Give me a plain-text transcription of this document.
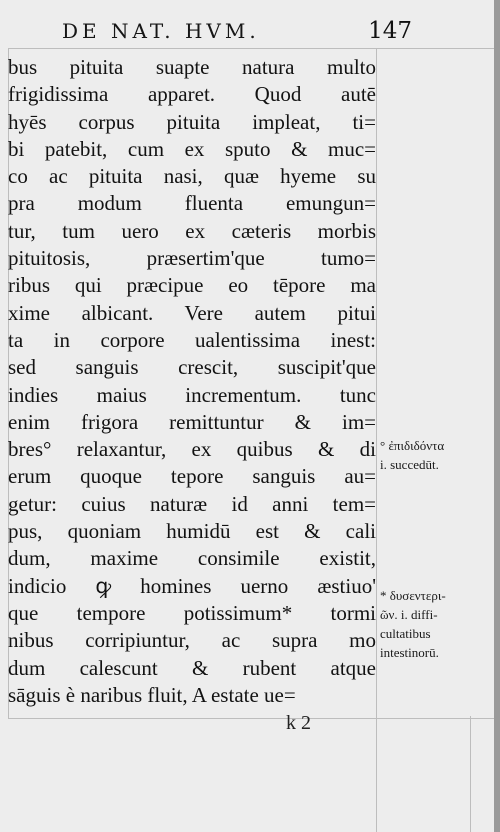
DE NAT. HVM.	147
bus pituita suapte natura multo
frigidissima apparet. Quod autē
hyēs corpus pituita impleat, ti=
bi patebit, cum ex sputo & muc=
co ac pituita nasi, quæ hyeme su
pra modum fluenta emungun=
tur, tum uero ex cæteris morbis
pituitosis, præsertim'que tumo=
ribus qui præcipue eo tēpore ma
xime albicant. Vere autem pitui
ta in corpore ualentissima inest:
sed sanguis crescit, suscipit'que
indies maius incrementum. tunc
enim frigora remittuntur & im=
bres° relaxantur, ex quibus & di
erum quoque tepore sanguis au=
getur: cuius naturæ id anni tem=
pus, quoniam humidū est & cali
dum, maxime consimile existit,
indicio ꝙ homines uerno æstiuo'
que tempore potissimum* tormi
nibus corripiuntur, ac supra mo
dum calescunt & rubent atque
sāguis è naribus fluit, A estate ue=
° ἐπιδιδόντα
i. succedūt.
* δυσεντερι-
ῶν. i. diffi-
cultatibus
intestinorū.
k 2
